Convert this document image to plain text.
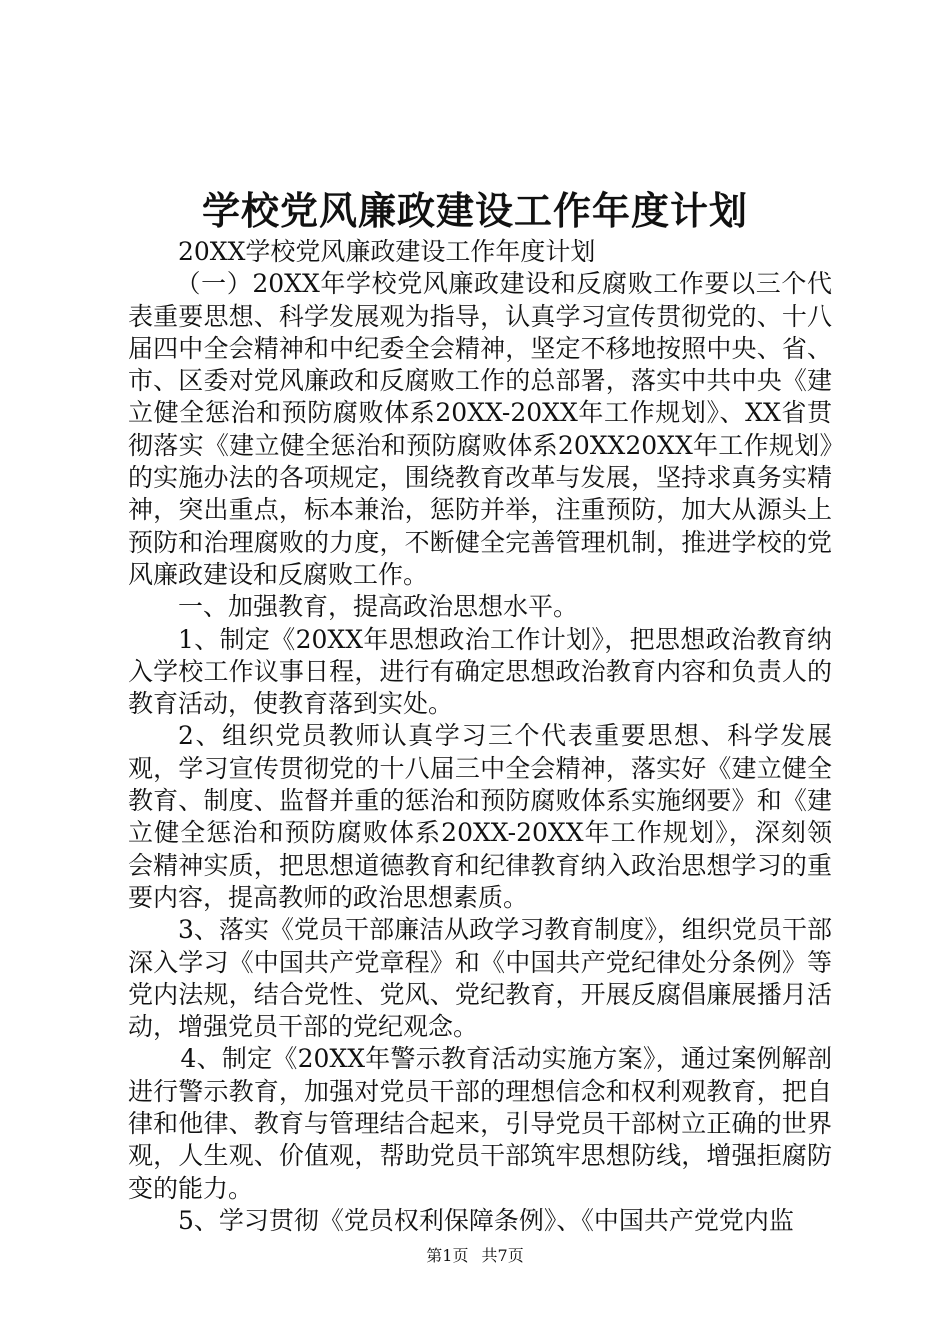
学校党风廉政建设工作年度计划

20XX学校党风廉政建设工作年度计划

（一）20XX年学校党风廉政建设和反腐败工作要以三个代表重要思想、科学发展观为指导，认真学习宣传贯彻党的、十八届四中全会精神和中纪委全会精神，坚定不移地按照中央、省、市、区委对党风廉政和反腐败工作的总部署，落实中共中央《建立健全惩治和预防腐败体系20XX-20XX年工作规划》、XX省贯彻落实《建立健全惩治和预防腐败体系20XX20XX年工作规划》的实施办法的各项规定，围绕教育改革与发展，坚持求真务实精神，突出重点，标本兼治，惩防并举，注重预防，加大从源头上预防和治理腐败的力度，不断健全完善管理机制，推进学校的党风廉政建设和反腐败工作。

一、加强教育，提高政治思想水平。

1、制定《20XX年思想政治工作计划》，把思想政治教育纳入学校工作议事日程，进行有确定思想政治教育内容和负责人的教育活动，使教育落到实处。

2、组织党员教师认真学习三个代表重要思想、科学发展观，学习宣传贯彻党的十八届三中全会精神，落实好《建立健全教育、制度、监督并重的惩治和预防腐败体系实施纲要》和《建立健全惩治和预防腐败体系20XX-20XX年工作规划》，深刻领会精神实质，把思想道德教育和纪律教育纳入政治思想学习的重要内容，提高教师的政治思想素质。

3、落实《党员干部廉洁从政学习教育制度》，组织党员干部深入学习《中国共产党章程》和《中国共产党纪律处分条例》等党内法规，结合党性、党风、党纪教育，开展反腐倡廉展播月活动，增强党员干部的党纪观念。

4、制定《20XX年警示教育活动实施方案》，通过案例解剖进行警示教育，加强对党员干部的理想信念和权利观教育，把自律和他律、教育与管理结合起来，引导党员干部树立正确的世界观，人生观、价值观，帮助党员干部筑牢思想防线，增强拒腐防变的能力。

5、学习贯彻《党员权利保障条例》、《中国共产党党内监

第1页 共7页
